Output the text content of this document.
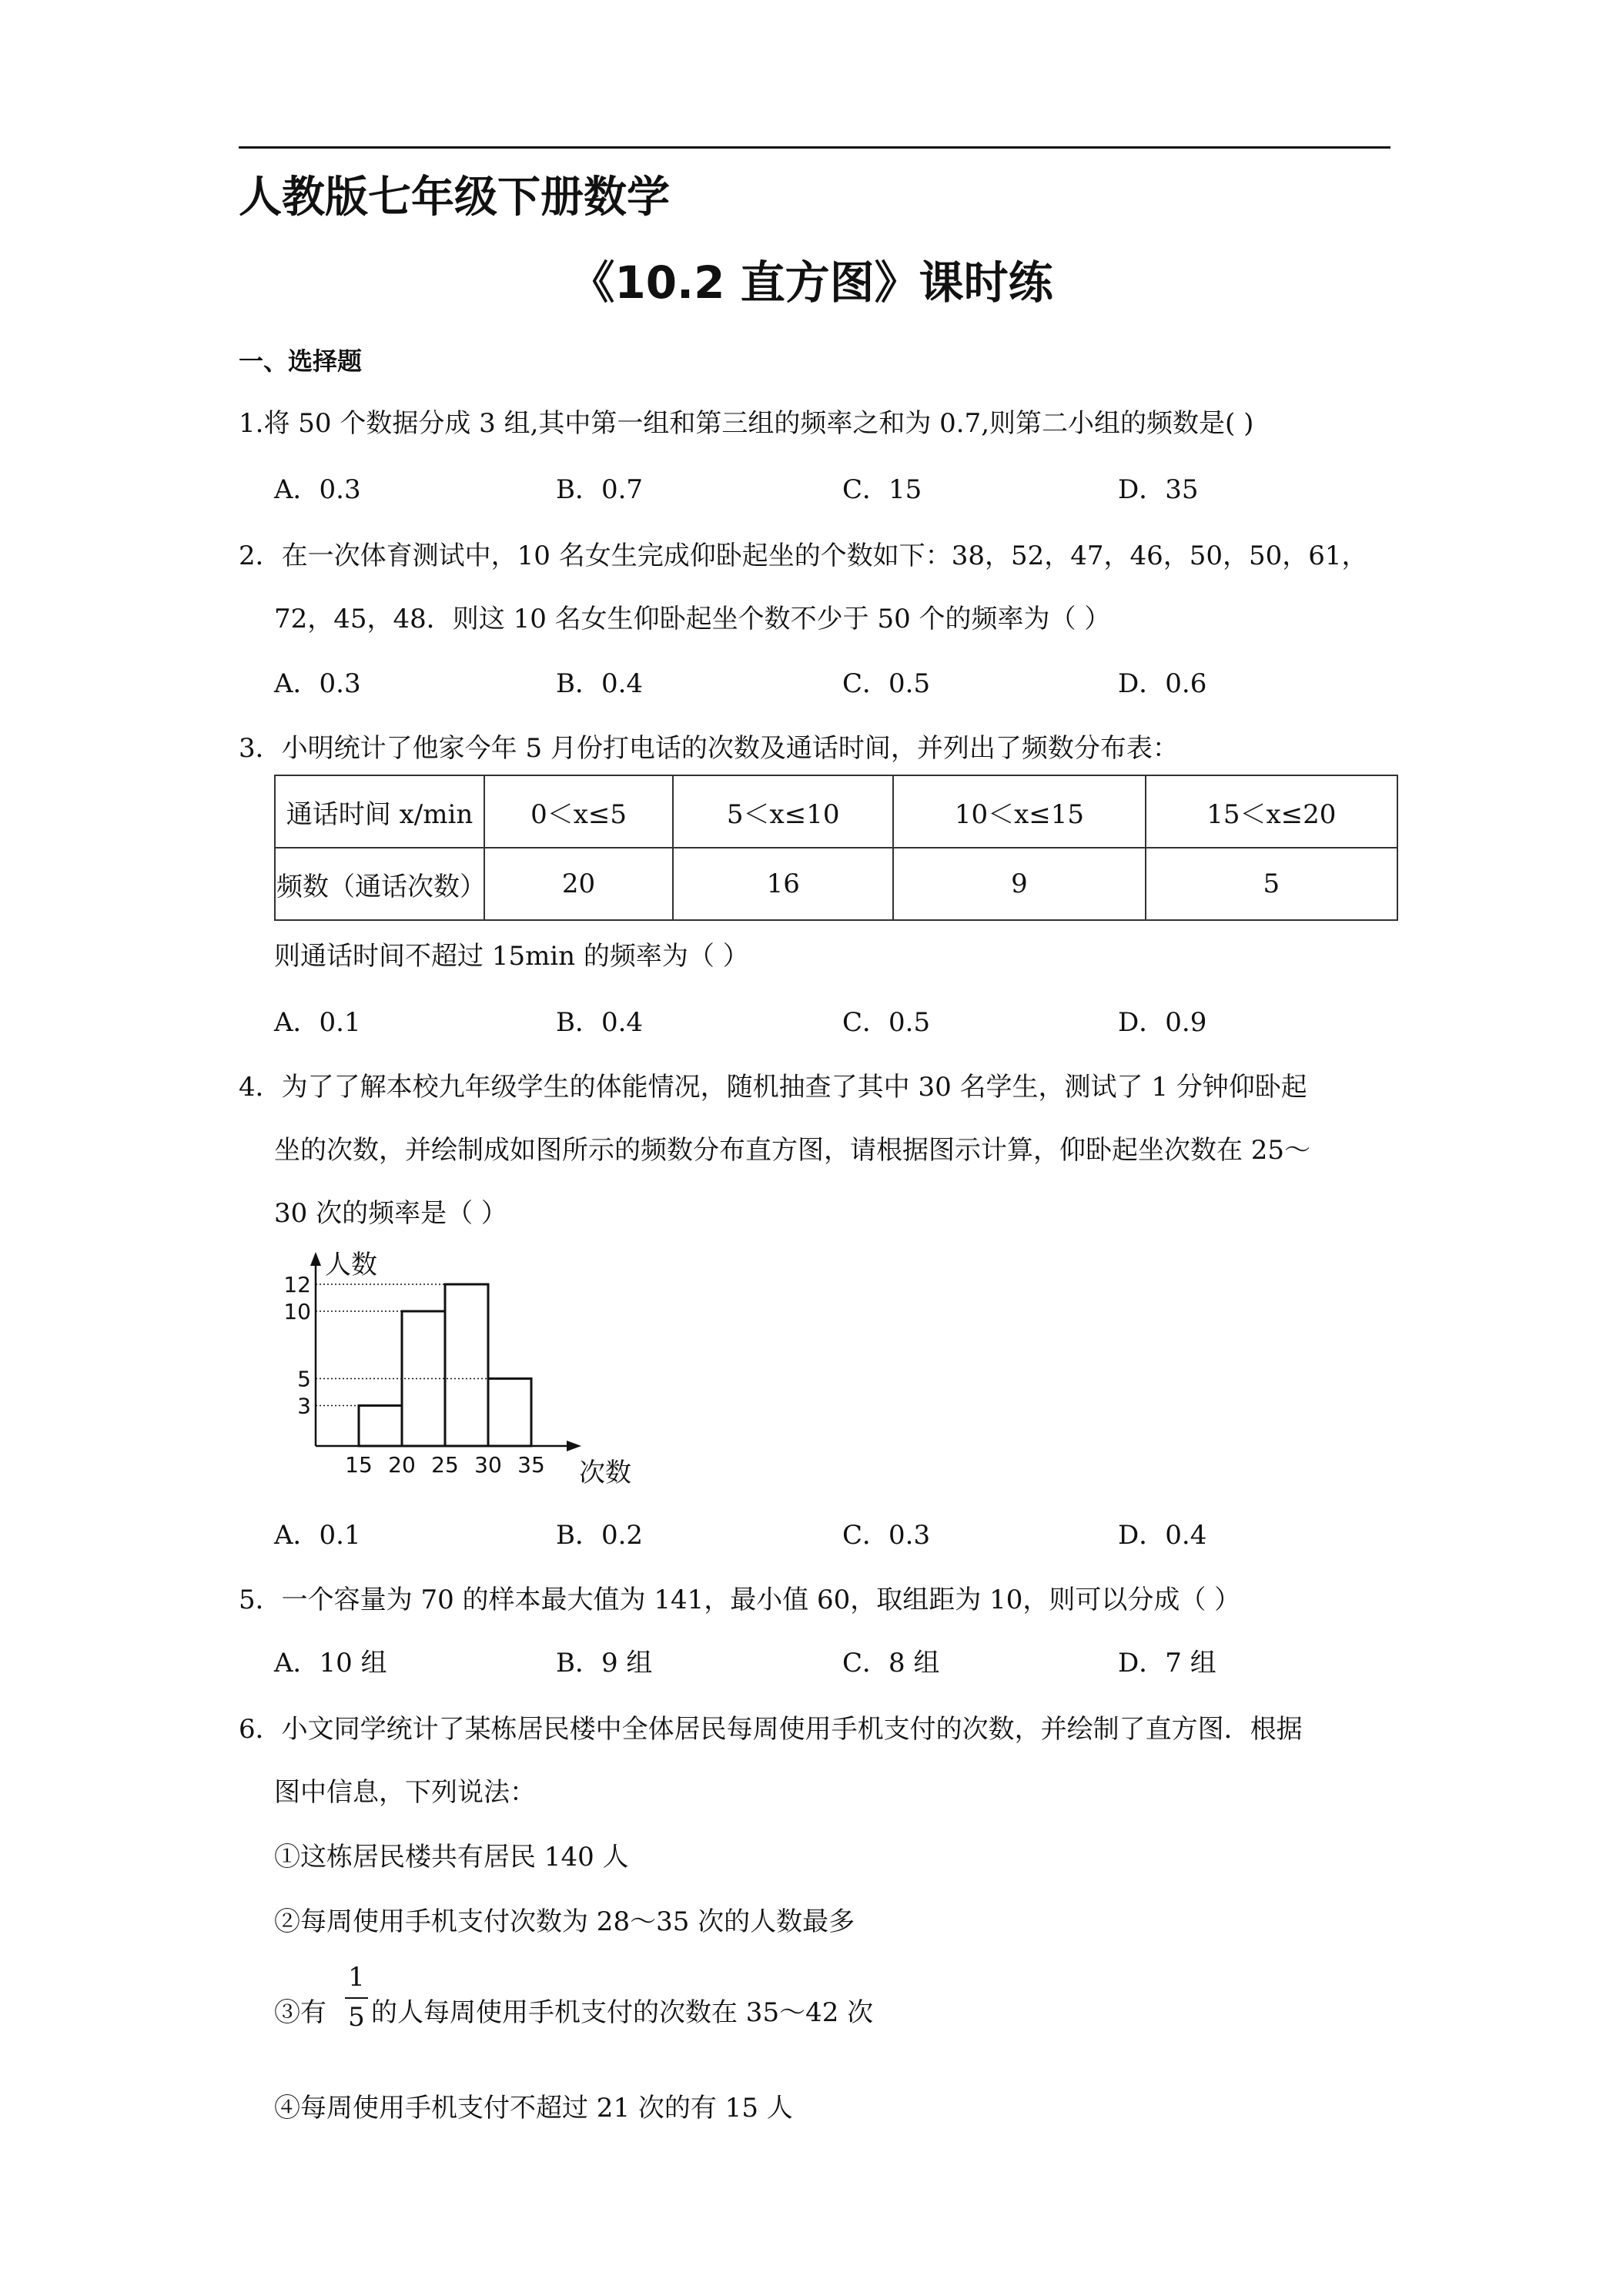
人教版七年级下册数学
《10.2 直方图》课时练
一、选择题
1.将 50 个数据分成 3 组,其中第一组和第三组的频率之和为 0.7,则第二小组的频数是( )
A．0.3	B．0.7	C．15	D．35
2．在一次体育测试中，10 名女生完成仰卧起坐的个数如下：38，52，47，46，50，50，61，
72，45，48．则这 10 名女生仰卧起坐个数不少于 50 个的频率为（ ）
A．0.3	B．0.4	C．0.5	D．0.6
3．小明统计了他家今年 5 月份打电话的次数及通话时间，并列出了频数分布表：
通话时间 x/min	0＜x≤5	5＜x≤10	10＜x≤15	15＜x≤20
频数（通话次数）	20	16	9	5
则通话时间不超过 15min 的频率为（ ）
A．0.1	B．0.4	C．0.5	D．0.9
4．为了了解本校九年级学生的体能情况，随机抽查了其中 30 名学生，测试了 1 分钟仰卧起
坐的次数，并绘制成如图所示的频数分布直方图，请根据图示计算，仰卧起坐次数在 25～
30 次的频率是（ ）
3
5
10
12
15 20 25 30 35
人数
次数
A．0.1	B．0.2	C．0.3	D．0.4
5．一个容量为 70 的样本最大值为 141，最小值 60，取组距为 10，则可以分成（ ）
A．10 组	B．9 组	C．8 组	D．7 组
6．小文同学统计了某栋居民楼中全体居民每周使用手机支付的次数，并绘制了直方图．根据
图中信息，下列说法：
①这栋居民楼共有居民 140 人
②每周使用手机支付次数为 28～35 次的人数最多
③有
1
5 的人每周使用手机支付的次数在 35～42 次
④每周使用手机支付不超过 21 次的有 15 人
